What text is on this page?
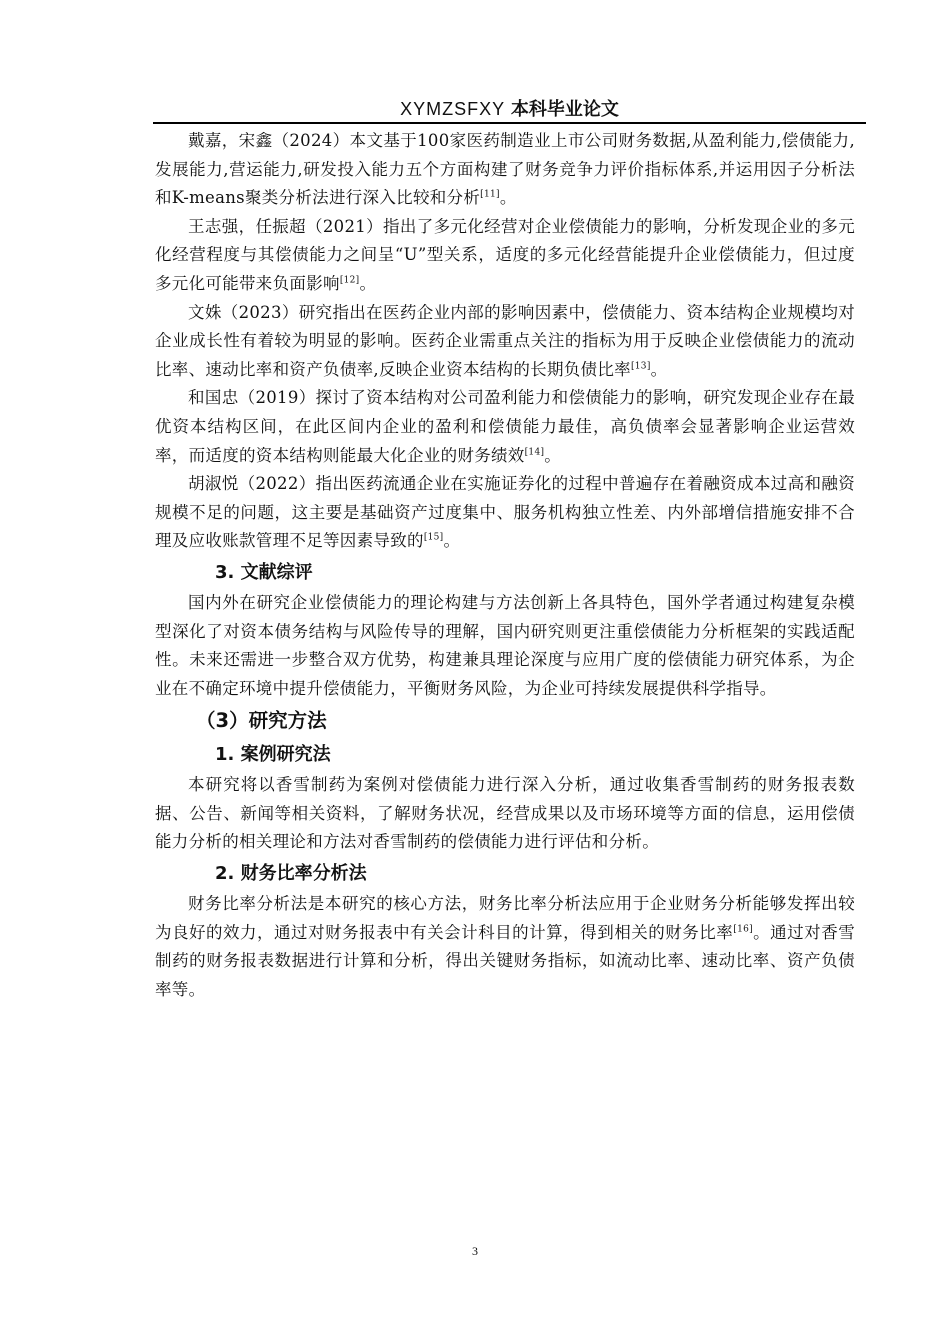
XYMZSFXY 本科毕业论文

戴嘉，宋鑫（2024）本文基于100家医药制造业上市公司财务数据,从盈利能力,偿债能力,发展能力,营运能力,研发投入能力五个方面构建了财务竞争力评价指标体系,并运用因子分析法和K-means聚类分析法进行深入比较和分析[11]。

王志强，任振超（2021）指出了多元化经营对企业偿债能力的影响，分析发现企业的多元化经营程度与其偿债能力之间呈“U”型关系，适度的多元化经营能提升企业偿债能力，但过度多元化可能带来负面影响[12]。

文姝（2023）研究指出在医药企业内部的影响因素中，偿债能力、资本结构企业规模均对企业成长性有着较为明显的影响。医药企业需重点关注的指标为用于反映企业偿债能力的流动比率、速动比率和资产负债率,反映企业资本结构的长期负债比率[13]。

和国忠（2019）探讨了资本结构对公司盈利能力和偿债能力的影响，研究发现企业存在最优资本结构区间，在此区间内企业的盈利和偿债能力最佳，高负债率会显著影响企业运营效率，而适度的资本结构则能最大化企业的财务绩效[14]。

胡淑悦（2022）指出医药流通企业在实施证券化的过程中普遍存在着融资成本过高和融资规模不足的问题，这主要是基础资产过度集中、服务机构独立性差、内外部增信措施安排不合理及应收账款管理不足等因素导致的[15]。

3. 文献综评

国内外在研究企业偿债能力的理论构建与方法创新上各具特色，国外学者通过构建复杂模型深化了对资本债务结构与风险传导的理解，国内研究则更注重偿债能力分析框架的实践适配性。未来还需进一步整合双方优势，构建兼具理论深度与应用广度的偿债能力研究体系，为企业在不确定环境中提升偿债能力，平衡财务风险，为企业可持续发展提供科学指导。

（3）研究方法
1. 案例研究法

本研究将以香雪制药为案例对偿债能力进行深入分析，通过收集香雪制药的财务报表数据、公告、新闻等相关资料，了解财务状况，经营成果以及市场环境等方面的信息，运用偿债能力分析的相关理论和方法对香雪制药的偿债能力进行评估和分析。

2. 财务比率分析法

财务比率分析法是本研究的核心方法，财务比率分析法应用于企业财务分析能够发挥出较为良好的效力，通过对财务报表中有关会计科目的计算，得到相关的财务比率[16]。通过对香雪制药的财务报表数据进行计算和分析，得出关键财务指标，如流动比率、速动比率、资产负债率等。

3
